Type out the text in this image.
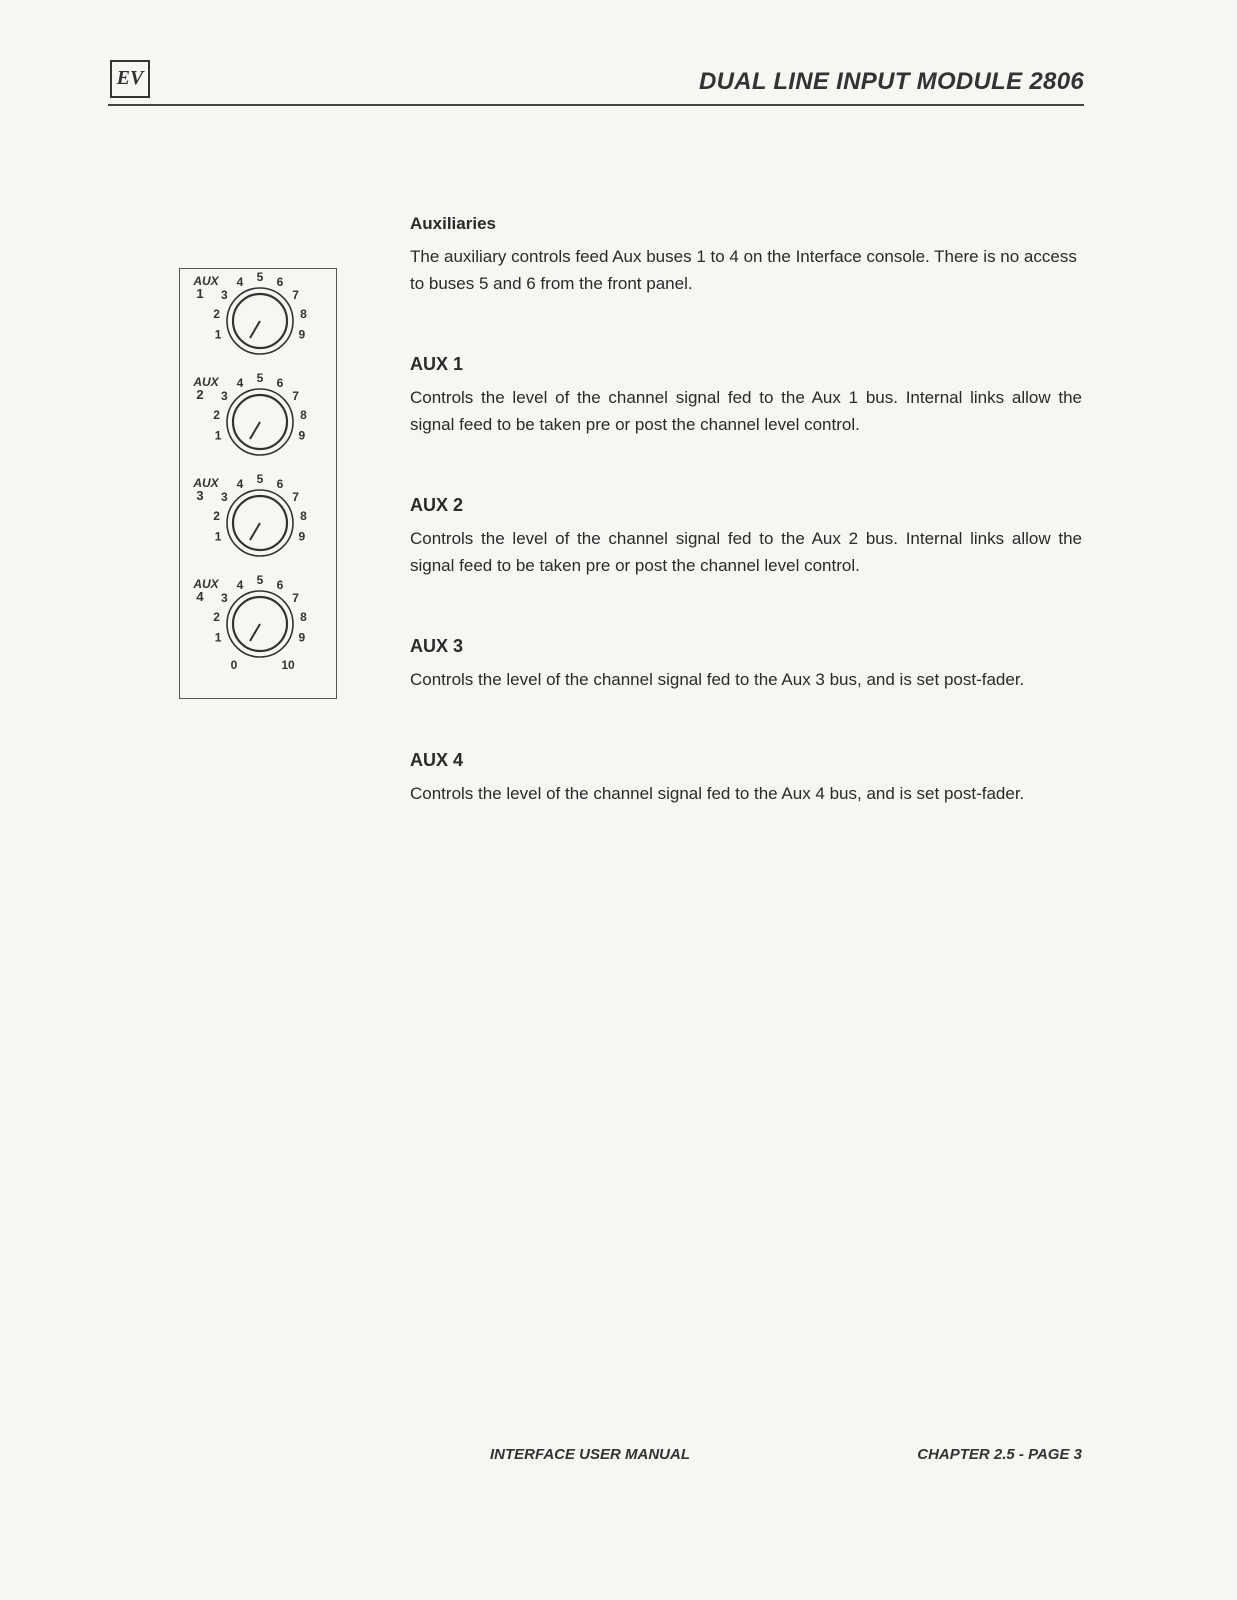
EV	DUAL LINE INPUT MODULE 2806
AUX
1
1
2
3
4 5 6
7
8
9
AUX
2
1
2
3
4 5 6
7
8
9
AUX
3
1
2
3
4 5 6
7
8
9
AUX
4
1
2
3
4 5 6
7
8
9
0	10
Auxiliaries

The auxiliary controls feed Aux buses 1 to 4 on the Interface console. There is no access to buses 5 and 6 from the front panel.

AUX 1

Controls the level of the channel signal fed to the Aux 1 bus. Internal links allow the signal feed to be taken pre or post the channel level control.

AUX 2

Controls the level of the channel signal fed to the Aux 2 bus. Internal links allow the signal feed to be taken pre or post the channel level control.

AUX 3

Controls the level of the channel signal fed to the Aux 3 bus, and is set post-fader.

AUX 4

Controls the level of the channel signal fed to the Aux 4 bus, and is set post-fader.

INTERFACE USER MANUAL	CHAPTER 2.5 - PAGE 3
